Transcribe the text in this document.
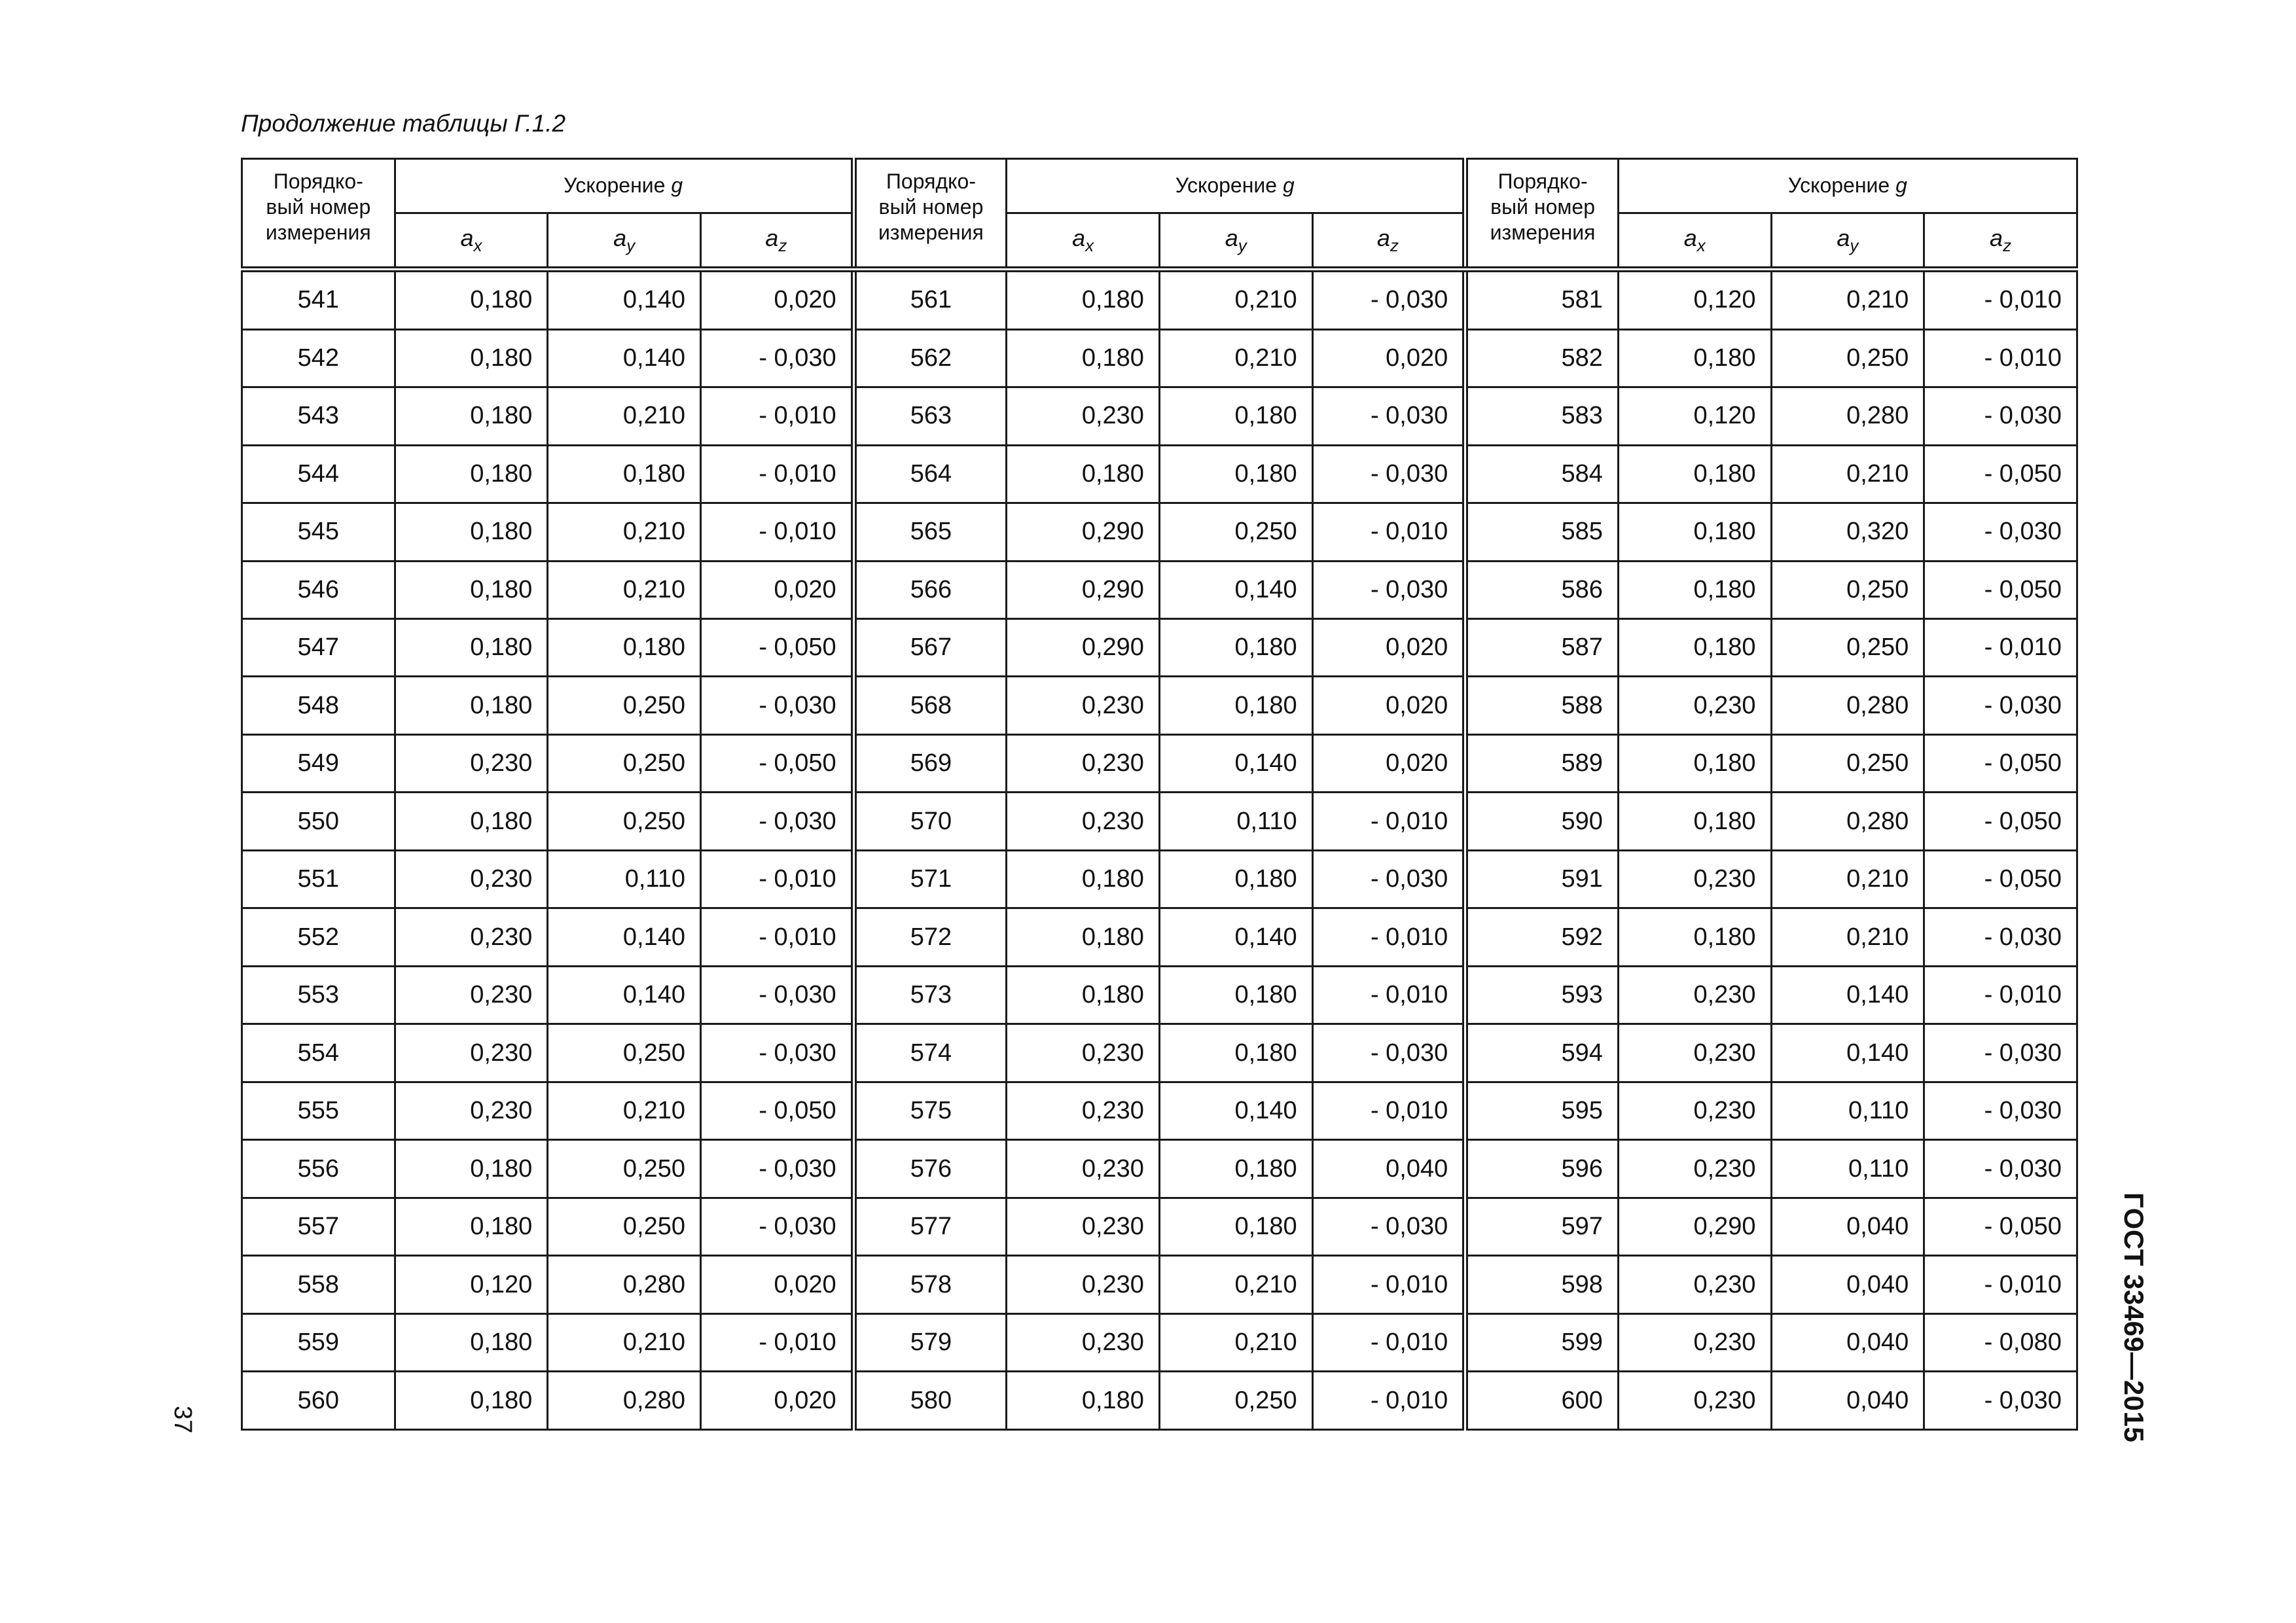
Продолжение таблицы Г.1.2
Порядко-
вый номер
измерения	Ускорение g			Порядко-
вый номер
измерения	Ускорение g			Порядко-
вый номер
измерения	Ускорение g		
	$a_x$	$a_y$	$a_z$		$a_x$	$a_y$	$a_z$		$a_x$	$a_y$	$a_z$
541	0,180	0,140	0,020	561	0,180	0,210	- 0,030	581	0,120	0,210	- 0,010
542	0,180	0,140	- 0,030	562	0,180	0,210	0,020	582	0,180	0,250	- 0,010
543	0,180	0,210	- 0,010	563	0,230	0,180	- 0,030	583	0,120	0,280	- 0,030
544	0,180	0,180	- 0,010	564	0,180	0,180	- 0,030	584	0,180	0,210	- 0,050
545	0,180	0,210	- 0,010	565	0,290	0,250	- 0,010	585	0,180	0,320	- 0,030
546	0,180	0,210	0,020	566	0,290	0,140	- 0,030	586	0,180	0,250	- 0,050
547	0,180	0,180	- 0,050	567	0,290	0,180	0,020	587	0,180	0,250	- 0,010
548	0,180	0,250	- 0,030	568	0,230	0,180	0,020	588	0,230	0,280	- 0,030
549	0,230	0,250	- 0,050	569	0,230	0,140	0,020	589	0,180	0,250	- 0,050
550	0,180	0,250	- 0,030	570	0,230	0,110	- 0,010	590	0,180	0,280	- 0,050
551	0,230	0,110	- 0,010	571	0,180	0,180	- 0,030	591	0,230	0,210	- 0,050
552	0,230	0,140	- 0,010	572	0,180	0,140	- 0,010	592	0,180	0,210	- 0,030
553	0,230	0,140	- 0,030	573	0,180	0,180	- 0,010	593	0,230	0,140	- 0,010
554	0,230	0,250	- 0,030	574	0,230	0,180	- 0,030	594	0,230	0,140	- 0,030
555	0,230	0,210	- 0,050	575	0,230	0,140	- 0,010	595	0,230	0,110	- 0,030
556	0,180	0,250	- 0,030	576	0,230	0,180	0,040	596	0,230	0,110	- 0,030
557	0,180	0,250	- 0,030	577	0,230	0,180	- 0,030	597	0,290	0,040	- 0,050
558	0,120	0,280	0,020	578	0,230	0,210	- 0,010	598	0,230	0,040	- 0,010
559	0,180	0,210	- 0,010	579	0,230	0,210	- 0,010	599	0,230	0,040	- 0,080
560	0,180	0,280	0,020	580	0,180	0,250	- 0,010	600	0,230	0,040	- 0,030
37	ГОСТ 33469—2015
